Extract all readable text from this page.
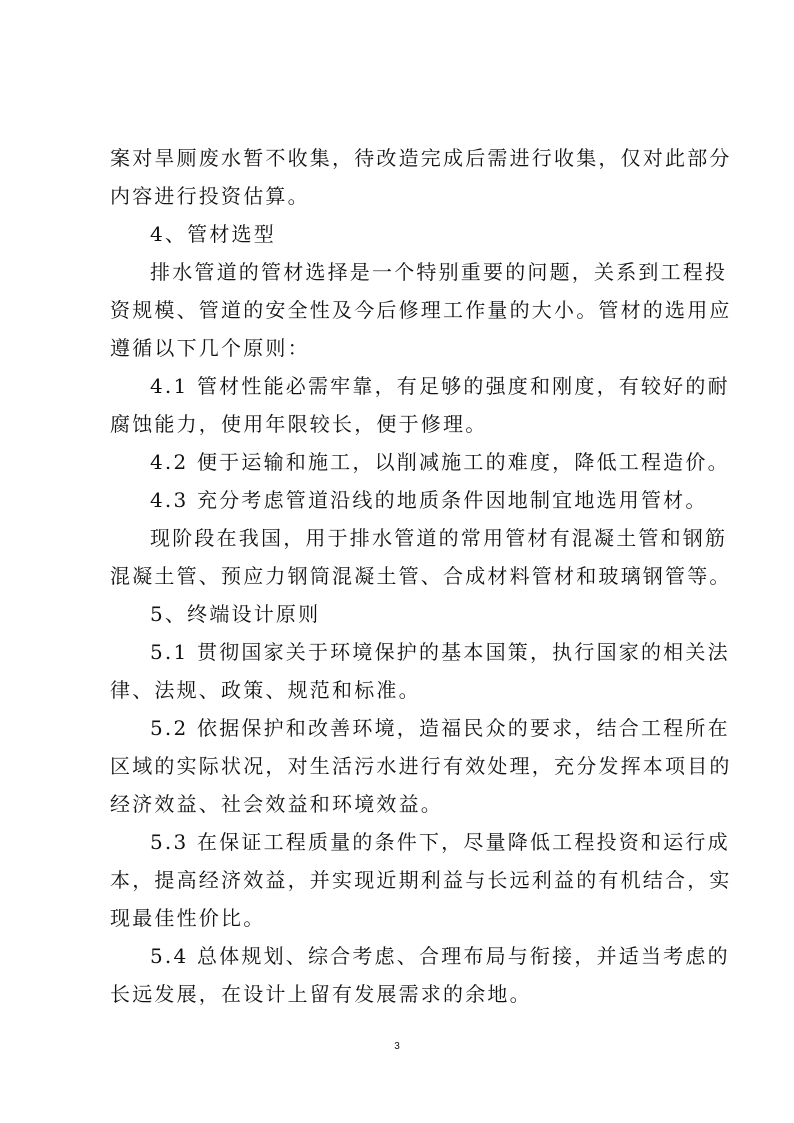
案对旱厕废水暂不收集，待改造完成后需进行收集，仅对此部分
内容进行投资估算。
4、管材选型
排水管道的管材选择是一个特别重要的问题，关系到工程投
资规模、管道的安全性及今后修理工作量的大小。管材的选用应
遵循以下几个原则：
4.1 管材性能必需牢靠，有足够的强度和刚度，有较好的耐
腐蚀能力，使用年限较长，便于修理。
4.2 便于运输和施工，以削减施工的难度，降低工程造价。
4.3 充分考虑管道沿线的地质条件因地制宜地选用管材。
现阶段在我国，用于排水管道的常用管材有混凝土管和钢筋
混凝土管、预应力钢筒混凝土管、合成材料管材和玻璃钢管等。
5、终端设计原则
5.1 贯彻国家关于环境保护的基本国策，执行国家的相关法
律、法规、政策、规范和标准。
5.2 依据保护和改善环境，造福民众的要求，结合工程所在
区域的实际状况，对生活污水进行有效处理，充分发挥本项目的
经济效益、社会效益和环境效益。
5.3 在保证工程质量的条件下，尽量降低工程投资和运行成
本，提高经济效益，并实现近期利益与长远利益的有机结合，实
现最佳性价比。
5.4 总体规划、综合考虑、合理布局与衔接，并适当考虑的
长远发展，在设计上留有发展需求的余地。
3
